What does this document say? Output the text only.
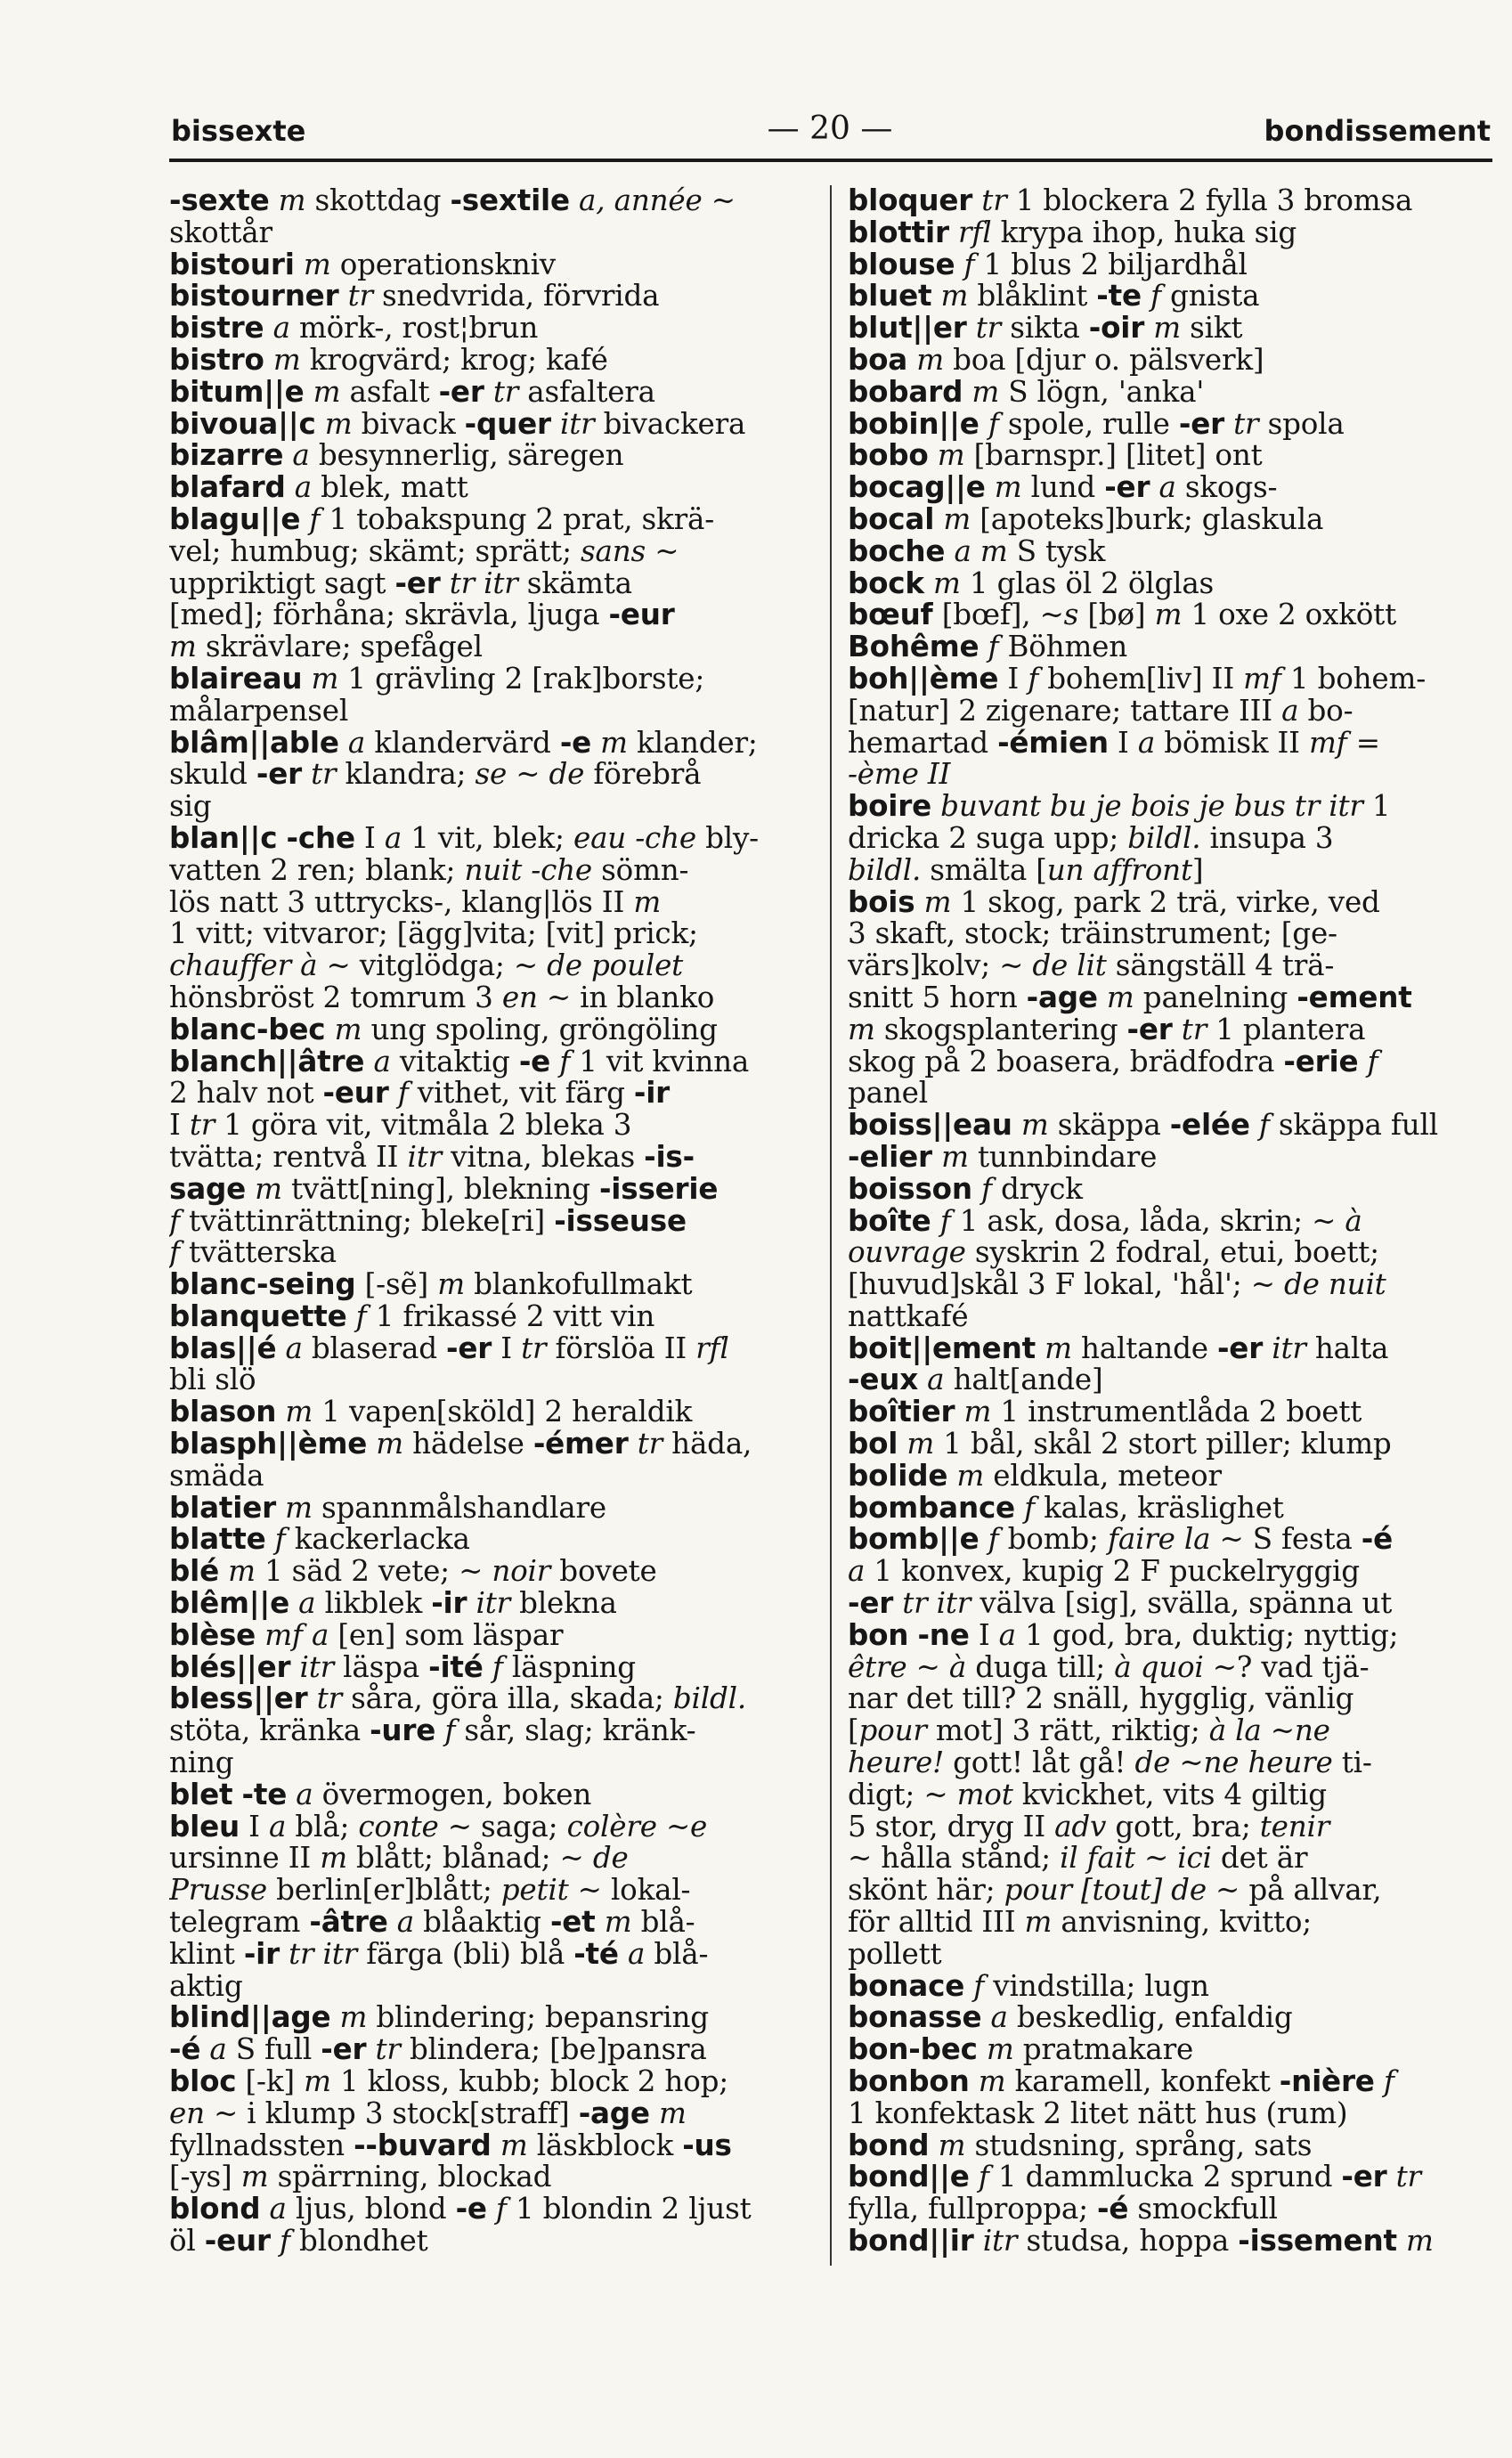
bissexte	— 20 —	bondissement
-sexte m skottdag -sextile a, année ~
skottår
bistouri m operationskniv
bistourner tr snedvrida, förvrida
bistre a mörk-, rost¦brun
bistro m krogvärd; krog; kafé
bitum||e m asfalt -er tr asfaltera
bivoua||c m bivack -quer itr bivackera
bizarre a besynnerlig, säregen
blafard a blek, matt
blagu||e f 1 tobakspung 2 prat, skrä-
vel; humbug; skämt; sprätt; sans ~
uppriktigt sagt -er tr itr skämta
[med]; förhåna; skrävla, ljuga -eur
m skrävlare; spefågel
blaireau m 1 grävling 2 [rak]borste;
målarpensel
blâm||able a klandervärd -e m klander;
skuld -er tr klandra; se ~ de förebrå
sig
blan||c -che I a 1 vit, blek; eau -che bly-
vatten 2 ren; blank; nuit -che sömn-
lös natt 3 uttrycks-, klang|lös II m
1 vitt; vitvaror; [ägg]vita; [vit] prick;
chauffer à ~ vitglödga; ~ de poulet
hönsbröst 2 tomrum 3 en ~ in blanko
blanc-bec m ung spoling, gröngöling
blanch||âtre a vitaktig -e f 1 vit kvinna
2 halv not -eur f vithet, vit färg -ir
I tr 1 göra vit, vitmåla 2 bleka 3
tvätta; rentvå II itr vitna, blekas -is-
sage m tvätt[ning], blekning -isserie
f tvättinrättning; bleke[ri] -isseuse
f tvätterska
blanc-seing [-sẽ] m blankofullmakt
blanquette f 1 frikassé 2 vitt vin
blas||é a blaserad -er I tr förslöa II rfl
bli slö
blason m 1 vapen[sköld] 2 heraldik
blasph||ème m hädelse -émer tr häda,
smäda
blatier m spannmålshandlare
blatte f kackerlacka
blé m 1 säd 2 vete; ~ noir bovete
blêm||e a likblek -ir itr blekna
blèse mf a [en] som läspar
blés||er itr läspa -ité f läspning
bless||er tr såra, göra illa, skada; bildl.
stöta, kränka -ure f sår, slag; kränk-
ning
blet -te a övermogen, boken
bleu I a blå; conte ~ saga; colère ~e
ursinne II m blått; blånad; ~ de
Prusse berlin[er]blått; petit ~ lokal-
telegram -âtre a blåaktig -et m blå-
klint -ir tr itr färga (bli) blå -té a blå-
aktig
blind||age m blindering; bepansring
-é a S full -er tr blindera; [be]pansra
bloc [-k] m 1 kloss, kubb; block 2 hop;
en ~ i klump 3 stock[straff] -age m
fyllnadssten --buvard m läskblock -us
[-ys] m spärrning, blockad
blond a ljus, blond -e f 1 blondin 2 ljust
öl -eur f blondhet
bloquer tr 1 blockera 2 fylla 3 bromsa
blottir rfl krypa ihop, huka sig
blouse f 1 blus 2 biljardhål
bluet m blåklint -te f gnista
blut||er tr sikta -oir m sikt
boa m boa [djur o. pälsverk]
bobard m S lögn, 'anka'
bobin||e f spole, rulle -er tr spola
bobo m [barnspr.] [litet] ont
bocag||e m lund -er a skogs-
bocal m [apoteks]burk; glaskula
boche a m S tysk
bock m 1 glas öl 2 ölglas
bœuf [bœf], ~s [bø] m 1 oxe 2 oxkött
Bohême f Böhmen
boh||ème I f bohem[liv] II mf 1 bohem-
[natur] 2 zigenare; tattare III a bo-
hemartad -émien I a bömisk II mf =
-ème II
boire buvant bu je bois je bus tr itr 1
dricka 2 suga upp; bildl. insupa 3
bildl. smälta [un affront]
bois m 1 skog, park 2 trä, virke, ved
3 skaft, stock; träinstrument; [ge-
värs]kolv; ~ de lit sängställ 4 trä-
snitt 5 horn -age m panelning -ement
m skogsplantering -er tr 1 plantera
skog på 2 boasera, brädfodra -erie f
panel
boiss||eau m skäppa -elée f skäppa full
-elier m tunnbindare
boisson f dryck
boîte f 1 ask, dosa, låda, skrin; ~ à
ouvrage syskrin 2 fodral, etui, boett;
[huvud]skål 3 F lokal, 'hål'; ~ de nuit
nattkafé
boit||ement m haltande -er itr halta
-eux a halt[ande]
boîtier m 1 instrumentlåda 2 boett
bol m 1 bål, skål 2 stort piller; klump
bolide m eldkula, meteor
bombance f kalas, kräslighet
bomb||e f bomb; faire la ~ S festa -é
a 1 konvex, kupig 2 F puckelryggig
-er tr itr välva [sig], svälla, spänna ut
bon -ne I a 1 god, bra, duktig; nyttig;
être ~ à duga till; à quoi ~? vad tjä-
nar det till? 2 snäll, hygglig, vänlig
[pour mot] 3 rätt, riktig; à la ~ne
heure! gott! låt gå! de ~ne heure ti-
digt; ~ mot kvickhet, vits 4 giltig
5 stor, dryg II adv gott, bra; tenir
~ hålla stånd; il fait ~ ici det är
skönt här; pour [tout] de ~ på allvar,
för alltid III m anvisning, kvitto;
pollett
bonace f vindstilla; lugn
bonasse a beskedlig, enfaldig
bon-bec m pratmakare
bonbon m karamell, konfekt -nière f
1 konfektask 2 litet nätt hus (rum)
bond m studsning, språng, sats
bond||e f 1 dammlucka 2 sprund -er tr
fylla, fullproppa; -é smockfull
bond||ir itr studsa, hoppa -issement m
